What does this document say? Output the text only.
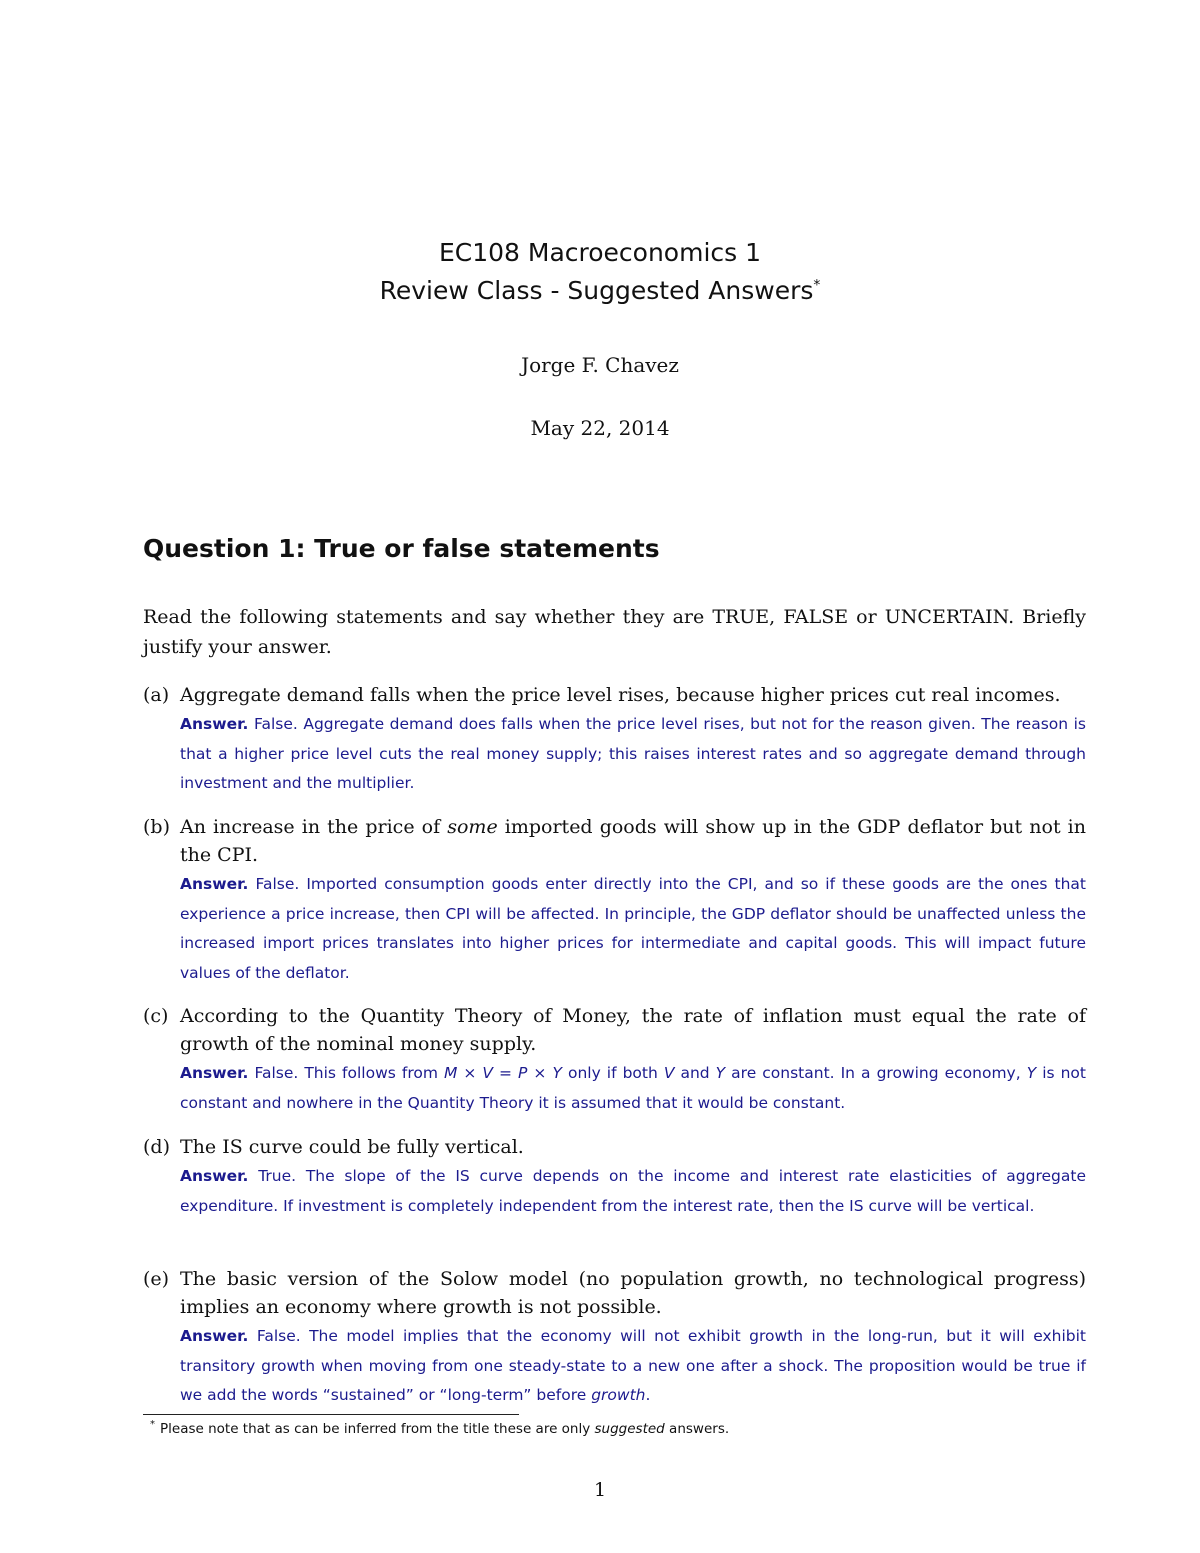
EC108 Macroeconomics 1
Review Class - Suggested Answers*
Jorge F. Chavez
May 22, 2014
Question 1: True or false statements
Read the following statements and say whether they are TRUE, FALSE or UNCERTAIN. Briefly justify your answer.
(a) Aggregate demand falls when the price level rises, because higher prices cut real incomes.
Answer. False. Aggregate demand does falls when the price level rises, but not for the reason given. The reason is that a higher price level cuts the real money supply; this raises interest rates and so aggregate demand through investment and the multiplier.
(b) An increase in the price of some imported goods will show up in the GDP deflator but not in the CPI.
Answer. False. Imported consumption goods enter directly into the CPI, and so if these goods are the ones that experience a price increase, then CPI will be affected. In principle, the GDP deflator should be unaffected unless the increased import prices translates into higher prices for intermediate and capital goods. This will impact future values of the deflator.
(c) According to the Quantity Theory of Money, the rate of inflation must equal the rate of growth of the nominal money supply.
Answer. False. This follows from M × V = P × Y only if both V and Y are constant. In a growing economy, Y is not constant and nowhere in the Quantity Theory it is assumed that it would be constant.
(d) The IS curve could be fully vertical.
Answer. True. The slope of the IS curve depends on the income and interest rate elasticities of aggregate expenditure. If investment is completely independent from the interest rate, then the IS curve will be vertical.
(e) The basic version of the Solow model (no population growth, no technological progress) implies an economy where growth is not possible.
Answer. False. The model implies that the economy will not exhibit growth in the long-run, but it will exhibit transitory growth when moving from one steady-state to a new one after a shock. The proposition would be true if we add the words “sustained” or “long-term” before growth.
* Please note that as can be inferred from the title these are only suggested answers.
1
